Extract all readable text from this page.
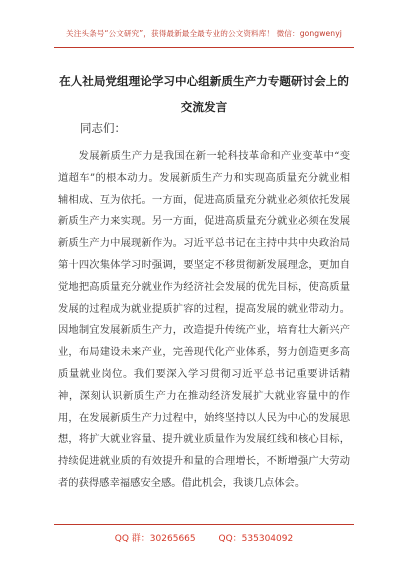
关注头条号“公文研究”，获得最新最全最专业的公文资料库！ 微信：gongwenyj
在人社局党组理论学习中心组新质生产力专题研讨会上的
交流发言
同志们：

发展新质生产力是我国在新一轮科技革命和产业变革中“变道超车”的根本动力。发展新质生产力和实现高质量充分就业相辅相成、互为依托。一方面，促进高质量充分就业必须依托发展新质生产力来实现。另一方面，促进高质量充分就业必须在发展新质生产力中展现新作为。习近平总书记在主持中共中央政治局第十四次集体学习时强调，要坚定不移贯彻新发展理念，更加自觉地把高质量充分就业作为经济社会发展的优先目标，使高质量发展的过程成为就业提质扩容的过程，提高发展的就业带动力。因地制宜发展新质生产力，改造提升传统产业，培育壮大新兴产业，布局建设未来产业，完善现代化产业体系，努力创造更多高质量就业岗位。我们要深入学习贯彻习近平总书记重要讲话精神，深刻认识新质生产力在推动经济发展扩大就业容量中的作用，在发展新质生产力过程中，始终坚持以人民为中心的发展思想，将扩大就业容量、提升就业质量作为发展红线和核心目标，持续促进就业质的有效提升和量的合理增长，不断增强广大劳动者的获得感幸福感安全感。借此机会，我谈几点体会。

QQ 群：30265665	QQ：535304092
